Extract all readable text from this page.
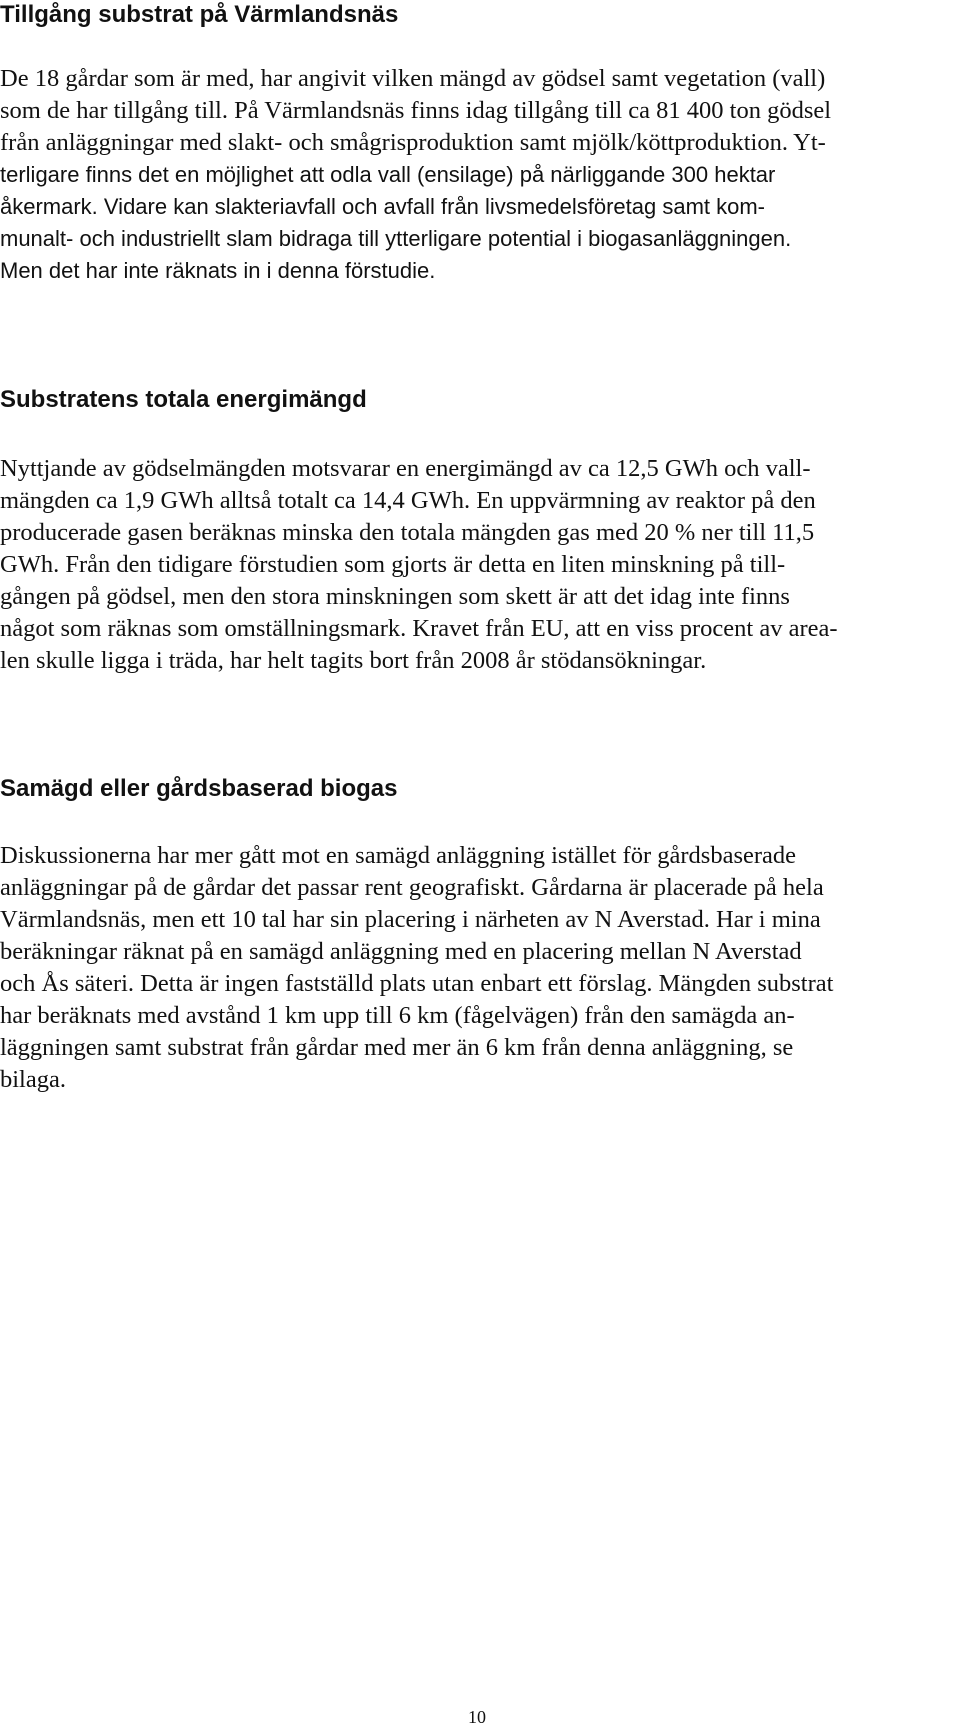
Tillgång substrat på Värmlandsnäs
De 18 gårdar som är med, har angivit vilken mängd av gödsel samt vegetation (vall)
som de har tillgång till. På Värmlandsnäs finns idag tillgång till ca 81 400 ton gödsel
från anläggningar med slakt- och smågrisproduktion samt mjölk/köttproduktion. Yt-
terligare finns det en möjlighet att odla vall (ensilage) på närliggande 300 hektar
åkermark. Vidare kan slakteriavfall och avfall från livsmedelsföretag samt kom-
munalt- och industriellt slam bidraga till ytterligare potential i biogasanläggningen.
Men det har inte räknats in i denna förstudie.
Substratens totala energimängd
Nyttjande av gödselmängden motsvarar en energimängd av ca 12,5 GWh och vall-
mängden ca 1,9 GWh alltså totalt ca 14,4 GWh. En uppvärmning av reaktor på den
producerade gasen beräknas minska den totala mängden gas med 20 % ner till 11,5
GWh. Från den tidigare förstudien som gjorts är detta en liten minskning på till-
gången på gödsel, men den stora minskningen som skett är att det idag inte finns
något som räknas som omställningsmark. Kravet från EU, att en viss procent av area-
len skulle ligga i träda, har helt tagits bort från 2008 år stödansökningar.
Samägd eller gårdsbaserad biogas
Diskussionerna har mer gått mot en samägd anläggning istället för gårdsbaserade
anläggningar på de gårdar det passar rent geografiskt. Gårdarna är placerade på hela
Värmlandsnäs, men ett 10 tal har sin placering i närheten av N Averstad. Har i mina
beräkningar räknat på en samägd anläggning med en placering mellan N Averstad
och Ås säteri. Detta är ingen fastställd plats utan enbart ett förslag. Mängden substrat
har beräknats med avstånd 1 km upp till 6 km (fågelvägen) från den samägda an-
läggningen samt substrat från gårdar med mer än 6 km från denna anläggning, se
bilaga.
10
